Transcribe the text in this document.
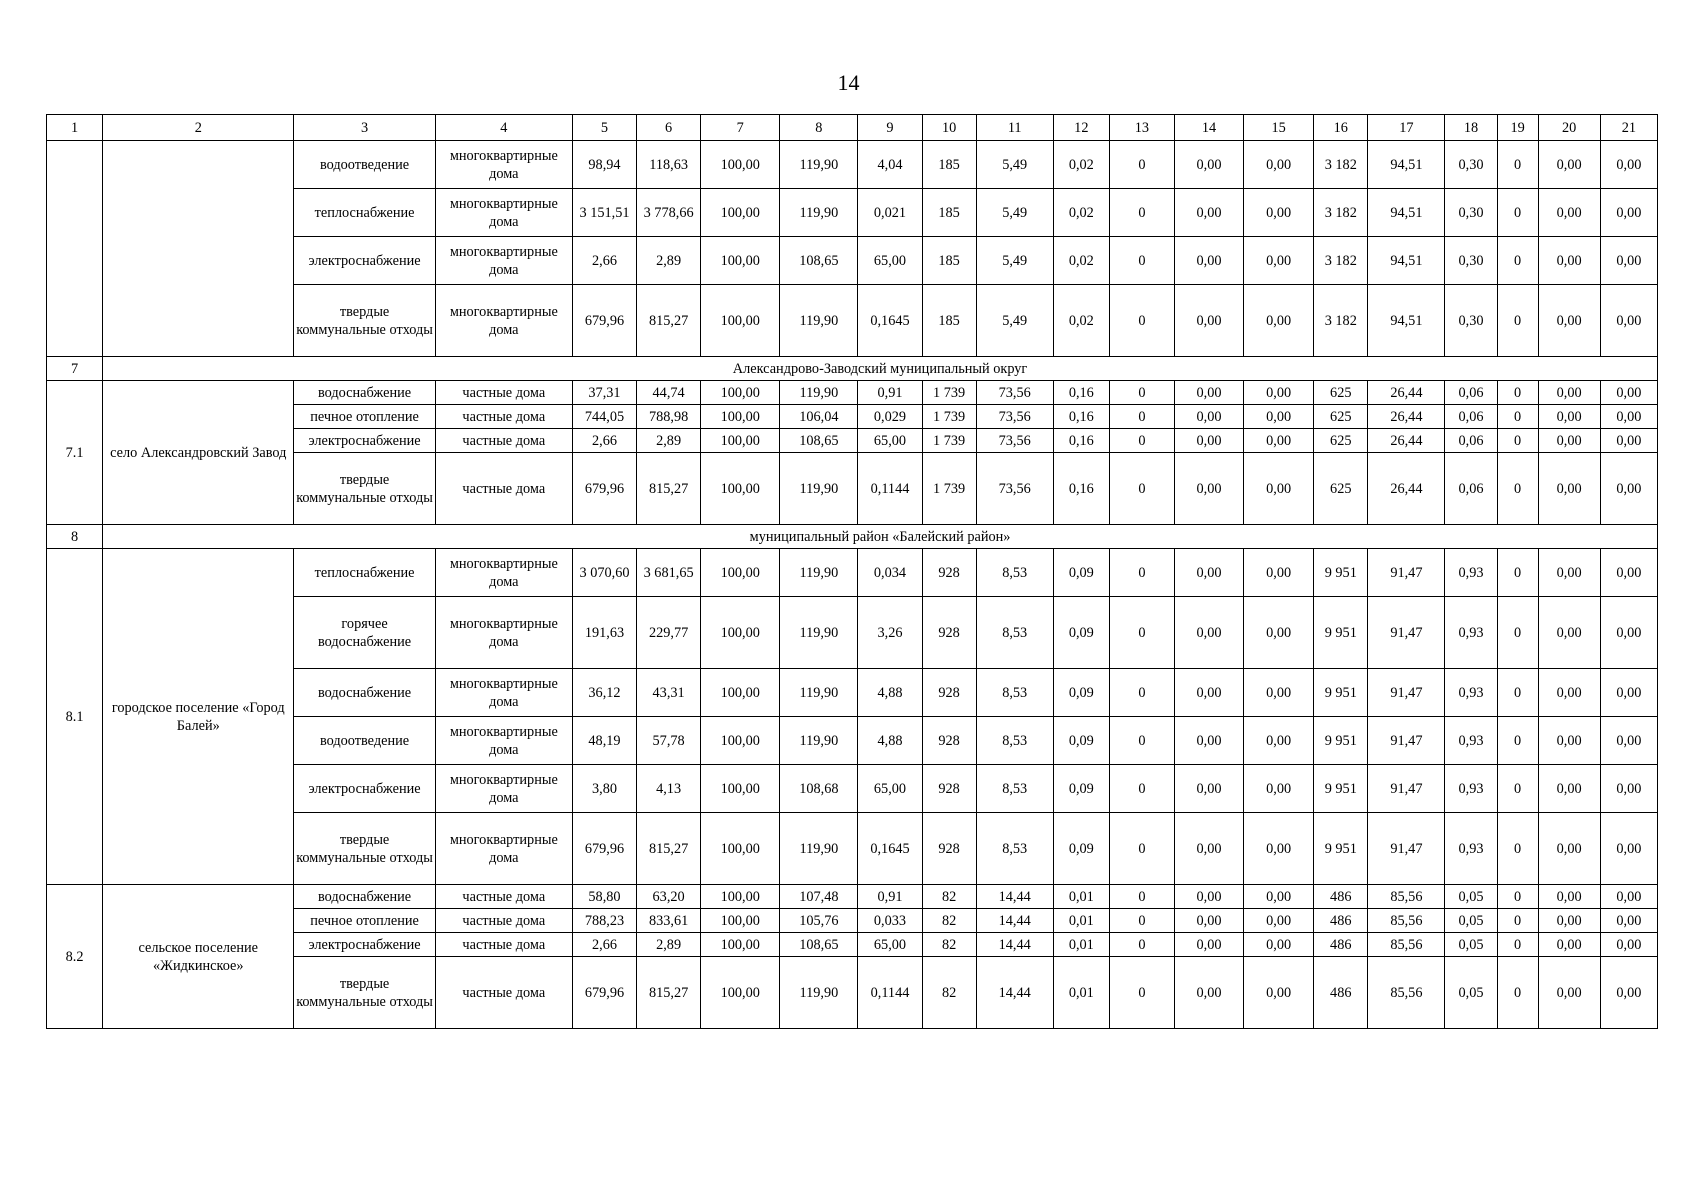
14
1	2	3	4	5	6	7	8	9	10	11	12	13	14	15	16	17	18	19	20	21
		водоотведение	многоквартирные дома	98,94	118,63	100,00	119,90	4,04	185	5,49	0,02	0	0,00	0,00	3 182	94,51	0,30	0	0,00	0,00
		теплоснабжение	многоквартирные дома	3 151,51	3 778,66	100,00	119,90	0,021	185	5,49	0,02	0	0,00	0,00	3 182	94,51	0,30	0	0,00	0,00
		электроснабжение	многоквартирные дома	2,66	2,89	100,00	108,65	65,00	185	5,49	0,02	0	0,00	0,00	3 182	94,51	0,30	0	0,00	0,00
		твердые коммунальные отходы	многоквартирные дома	679,96	815,27	100,00	119,90	0,1645	185	5,49	0,02	0	0,00	0,00	3 182	94,51	0,30	0	0,00	0,00
7	Александрово-Заводский муниципальный округ																			
7.1	село Александровский Завод	водоснабжение	частные дома	37,31	44,74	100,00	119,90	0,91	1 739	73,56	0,16	0	0,00	0,00	625	26,44	0,06	0	0,00	0,00
		печное отопление	частные дома	744,05	788,98	100,00	106,04	0,029	1 739	73,56	0,16	0	0,00	0,00	625	26,44	0,06	0	0,00	0,00
		электроснабжение	частные дома	2,66	2,89	100,00	108,65	65,00	1 739	73,56	0,16	0	0,00	0,00	625	26,44	0,06	0	0,00	0,00
		твердые коммунальные отходы	частные дома	679,96	815,27	100,00	119,90	0,1144	1 739	73,56	0,16	0	0,00	0,00	625	26,44	0,06	0	0,00	0,00
8	муниципальный район «Балейский район»																			
8.1	городское поселение «Город Балей»	теплоснабжение	многоквартирные дома	3 070,60	3 681,65	100,00	119,90	0,034	928	8,53	0,09	0	0,00	0,00	9 951	91,47	0,93	0	0,00	0,00
		горячее водоснабжение	многоквартирные дома	191,63	229,77	100,00	119,90	3,26	928	8,53	0,09	0	0,00	0,00	9 951	91,47	0,93	0	0,00	0,00
		водоснабжение	многоквартирные дома	36,12	43,31	100,00	119,90	4,88	928	8,53	0,09	0	0,00	0,00	9 951	91,47	0,93	0	0,00	0,00
		водоотведение	многоквартирные дома	48,19	57,78	100,00	119,90	4,88	928	8,53	0,09	0	0,00	0,00	9 951	91,47	0,93	0	0,00	0,00
		электроснабжение	многоквартирные дома	3,80	4,13	100,00	108,68	65,00	928	8,53	0,09	0	0,00	0,00	9 951	91,47	0,93	0	0,00	0,00
		твердые коммунальные отходы	многоквартирные дома	679,96	815,27	100,00	119,90	0,1645	928	8,53	0,09	0	0,00	0,00	9 951	91,47	0,93	0	0,00	0,00
8.2	сельское поселение «Жидкинское»	водоснабжение	частные дома	58,80	63,20	100,00	107,48	0,91	82	14,44	0,01	0	0,00	0,00	486	85,56	0,05	0	0,00	0,00
		печное отопление	частные дома	788,23	833,61	100,00	105,76	0,033	82	14,44	0,01	0	0,00	0,00	486	85,56	0,05	0	0,00	0,00
		электроснабжение	частные дома	2,66	2,89	100,00	108,65	65,00	82	14,44	0,01	0	0,00	0,00	486	85,56	0,05	0	0,00	0,00
		твердые коммунальные отходы	частные дома	679,96	815,27	100,00	119,90	0,1144	82	14,44	0,01	0	0,00	0,00	486	85,56	0,05	0	0,00	0,00
